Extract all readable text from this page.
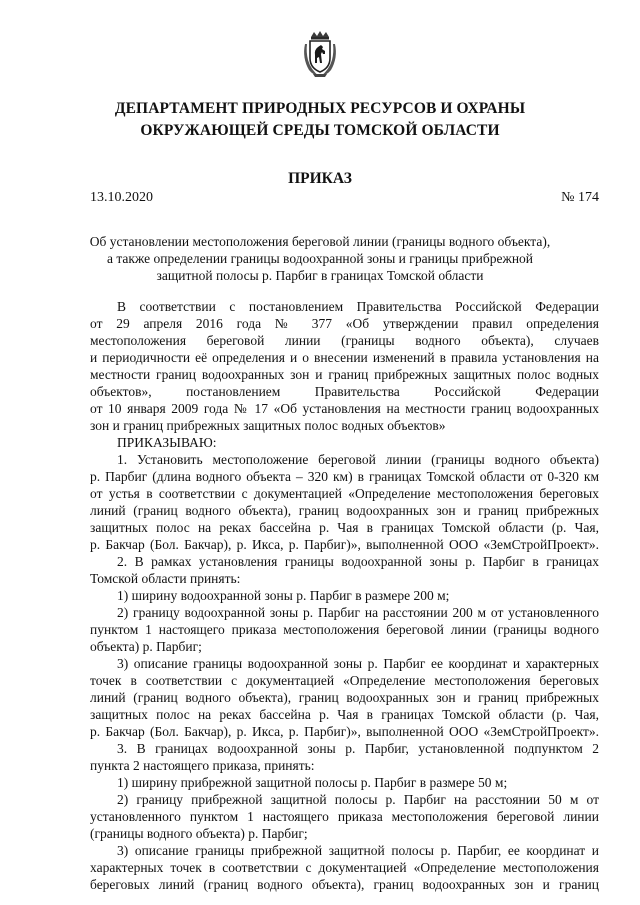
ДЕПАРТАМЕНТ ПРИРОДНЫХ РЕСУРСОВ И ОХРАНЫ
ОКРУЖАЮЩЕЙ СРЕДЫ ТОМСКОЙ ОБЛАСТИ
ПРИКАЗ
13.10.2020	№ 174
Об установлении местоположения береговой линии (границы водного объекта),
а также определении границы водоохранной зоны и границы прибрежной
защитной полосы р. Парбиг в границах Томской области
В соответствии с постановлением Правительства Российской Федерации
от 29 апреля 2016 года № 377 «Об утверждении правил определения
местоположения береговой линии (границы водного объекта), случаев
и периодичности её определения и о внесении изменений в правила установления на
местности границ водоохранных зон и границ прибрежных защитных полос водных
объектов», постановлением Правительства Российской Федерации
от 10 января 2009 года № 17 «Об установления на местности границ водоохранных
зон и границ прибрежных защитных полос водных объектов»
ПРИКАЗЫВАЮ:
1. Установить местоположение береговой линии (границы водного объекта)
р. Парбиг (длина водного объекта – 320 км) в границах Томской области от 0-320 км
от устья в соответствии с документацией «Определение местоположения береговых
линий (границ водного объекта), границ водоохранных зон и границ прибрежных
защитных полос на реках бассейна р. Чая в границах Томской области (р. Чая,
р. Бакчар (Бол. Бакчар), р. Икса, р. Парбиг)», выполненной ООО «ЗемСтройПроект».
2. В рамках установления границы водоохранной зоны р. Парбиг в границах
Томской области принять:
1) ширину водоохранной зоны р. Парбиг в размере 200 м;
2) границу водоохранной зоны р. Парбиг на расстоянии 200 м от установленного
пунктом 1 настоящего приказа местоположения береговой линии (границы водного
объекта) р. Парбиг;
3) описание границы водоохранной зоны р. Парбиг ее координат и характерных
точек в соответствии с документацией «Определение местоположения береговых
линий (границ водного объекта), границ водоохранных зон и границ прибрежных
защитных полос на реках бассейна р. Чая в границах Томской области (р. Чая,
р. Бакчар (Бол. Бакчар), р. Икса, р. Парбиг)», выполненной ООО «ЗемСтройПроект».
3. В границах водоохранной зоны р. Парбиг, установленной подпунктом 2
пункта 2 настоящего приказа, принять:
1) ширину прибрежной защитной полосы р. Парбиг в размере 50 м;
2) границу прибрежной защитной полосы р. Парбиг на расстоянии 50 м от
установленного пунктом 1 настоящего приказа местоположения береговой линии
(границы водного объекта) р. Парбиг;
3) описание границы прибрежной защитной полосы р. Парбиг, ее координат и
характерных точек в соответствии с документацией «Определение местоположения
береговых линий (границ водного объекта), границ водоохранных зон и границ
